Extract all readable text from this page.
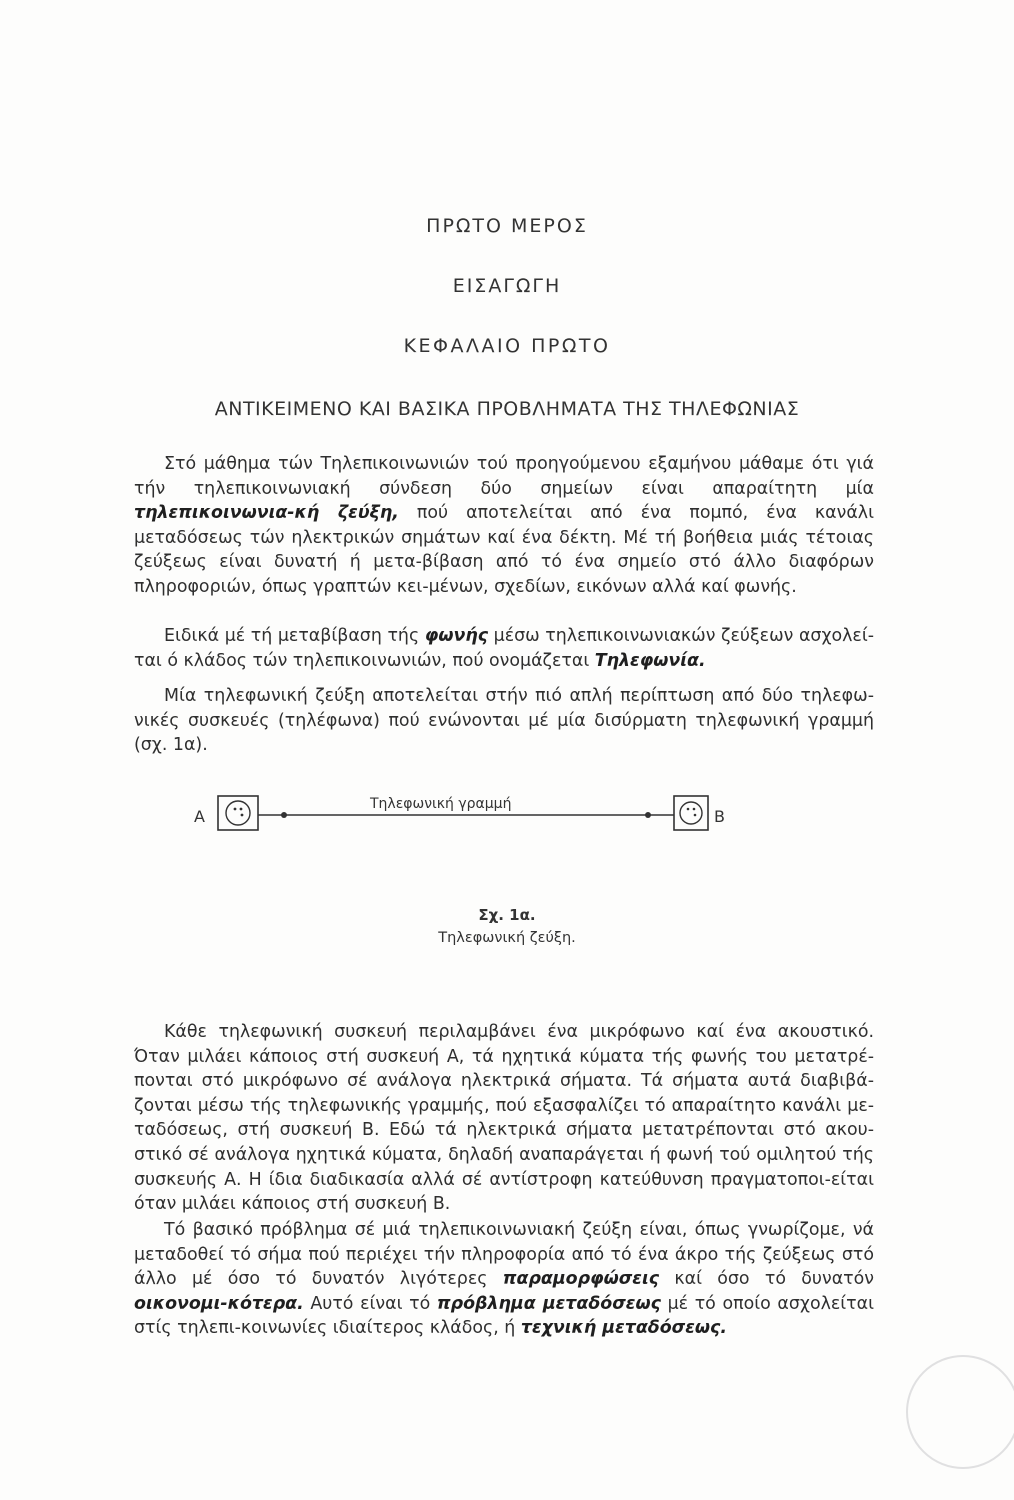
ΠΡΩΤΟ ΜΕΡΟΣ
ΕΙΣΑΓΩΓΗ
ΚΕΦΑΛΑΙΟ ΠΡΩΤΟ
ΑΝΤΙΚΕΙΜΕΝΟ ΚΑΙ ΒΑΣΙΚΑ ΠΡΟΒΛΗΜΑΤΑ ΤΗΣ ΤΗΛΕΦΩΝΙΑΣ

Στό μάθημα τών Τηλεπικοινωνιών τού προηγούμενου εξαμήνου μάθαμε ότι γιά τήν τηλεπικοινωνιακή σύνδεση δύο σημείων είναι απαραίτητη μία τηλεπικοινωνια-κή ζεύξη, πού αποτελείται από ένα πομπό, ένα κανάλι μεταδόσεως τών ηλεκτρικών σημάτων καί ένα δέκτη. Μέ τή βοήθεια μιάς τέτοιας ζεύξεως είναι δυνατή ή μετα-βίβαση από τό ένα σημείο στό άλλο διαφόρων πληροφοριών, όπως γραπτών κει-μένων, σχεδίων, εικόνων αλλά καί φωνής.

Ειδικά μέ τή μεταβίβαση τής φωνής μέσω τηλεπικοινωνιακών ζεύξεων ασχολεί-ται ό κλάδος τών τηλεπικοινωνιών, πού ονομάζεται Τηλεφωνία.

Μία τηλεφωνική ζεύξη αποτελείται στήν πιό απλή περίπτωση από δύο τηλεφω-νικές συσκευές (τηλέφωνα) πού ενώνονται μέ μία δισύρματη τηλεφωνική γραμμή (σχ. 1α).

Α	Β
Τηλεφωνική γραμμή
Σχ. 1α.
Τηλεφωνική ζεύξη.

Κάθε τηλεφωνική συσκευή περιλαμβάνει ένα μικρόφωνο καί ένα ακουστικό. Όταν μιλάει κάποιος στή συσκευή Α, τά ηχητικά κύματα τής φωνής του μετατρέ-πονται στό μικρόφωνο σέ ανάλογα ηλεκτρικά σήματα. Τά σήματα αυτά διαβιβά-ζονται μέσω τής τηλεφωνικής γραμμής, πού εξασφαλίζει τό απαραίτητο κανάλι με-ταδόσεως, στή συσκευή Β. Εδώ τά ηλεκτρικά σήματα μετατρέπονται στό ακου-στικό σέ ανάλογα ηχητικά κύματα, δηλαδή αναπαράγεται ή φωνή τού ομιλητού τής συσκευής Α. Η ίδια διαδικασία αλλά σέ αντίστροφη κατεύθυνση πραγματοποι-είται όταν μιλάει κάποιος στή συσκευή Β.

Τό βασικό πρόβλημα σέ μιά τηλεπικοινωνιακή ζεύξη είναι, όπως γνωρίζομε, νά μεταδοθεί τό σήμα πού περιέχει τήν πληροφορία από τό ένα άκρο τής ζεύξεως στό άλλο μέ όσο τό δυνατόν λιγότερες παραμορφώσεις καί όσο τό δυνατόν οικονομι-κότερα. Αυτό είναι τό πρόβλημα μεταδόσεως μέ τό οποίο ασχολείται στίς τηλεπι-κοινωνίες ιδιαίτερος κλάδος, ή τεχνική μεταδόσεως.
